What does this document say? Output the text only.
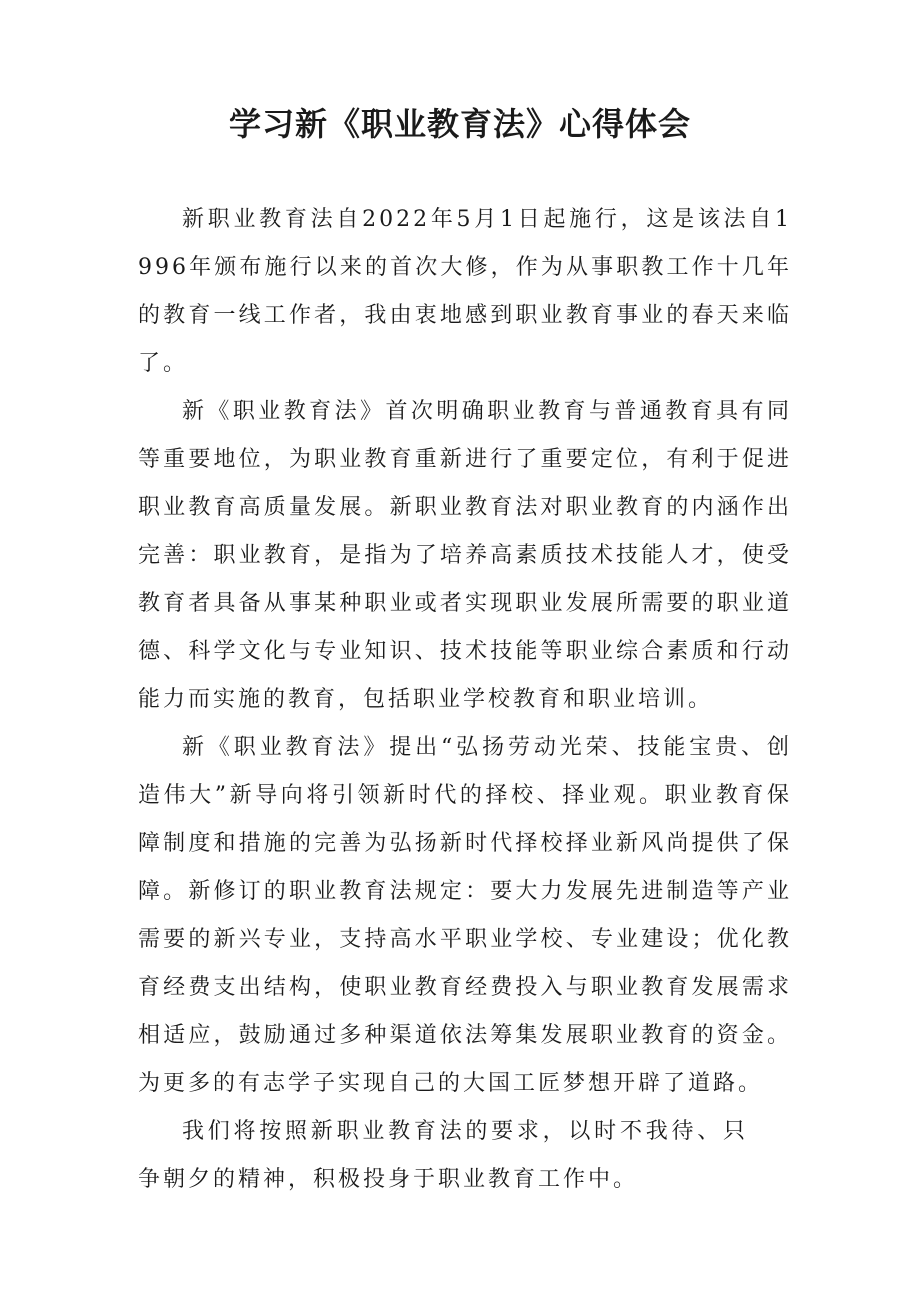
学习新《职业教育法》心得体会

新职业教育法自2022年5月1日起施行，这是该法自1996年颁布施行以来的首次大修，作为从事职教工作十几年的教育一线工作者，我由衷地感到职业教育事业的春天来临了。

新《职业教育法》首次明确职业教育与普通教育具有同等重要地位，为职业教育重新进行了重要定位，有利于促进职业教育高质量发展。新职业教育法对职业教育的内涵作出完善：职业教育，是指为了培养高素质技术技能人才，使受教育者具备从事某种职业或者实现职业发展所需要的职业道德、科学文化与专业知识、技术技能等职业综合素质和行动能力而实施的教育，包括职业学校教育和职业培训。

新《职业教育法》提出“弘扬劳动光荣、技能宝贵、创造伟大”新导向将引领新时代的择校、择业观。职业教育保障制度和措施的完善为弘扬新时代择校择业新风尚提供了保障。新修订的职业教育法规定：要大力发展先进制造等产业需要的新兴专业，支持高水平职业学校、专业建设；优化教育经费支出结构，使职业教育经费投入与职业教育发展需求相适应，鼓励通过多种渠道依法筹集发展职业教育的资金。为更多的有志学子实现自己的大国工匠梦想开辟了道路。

我们将按照新职业教育法的要求，以时不我待、只争朝夕的精神，积极投身于职业教育工作中。
